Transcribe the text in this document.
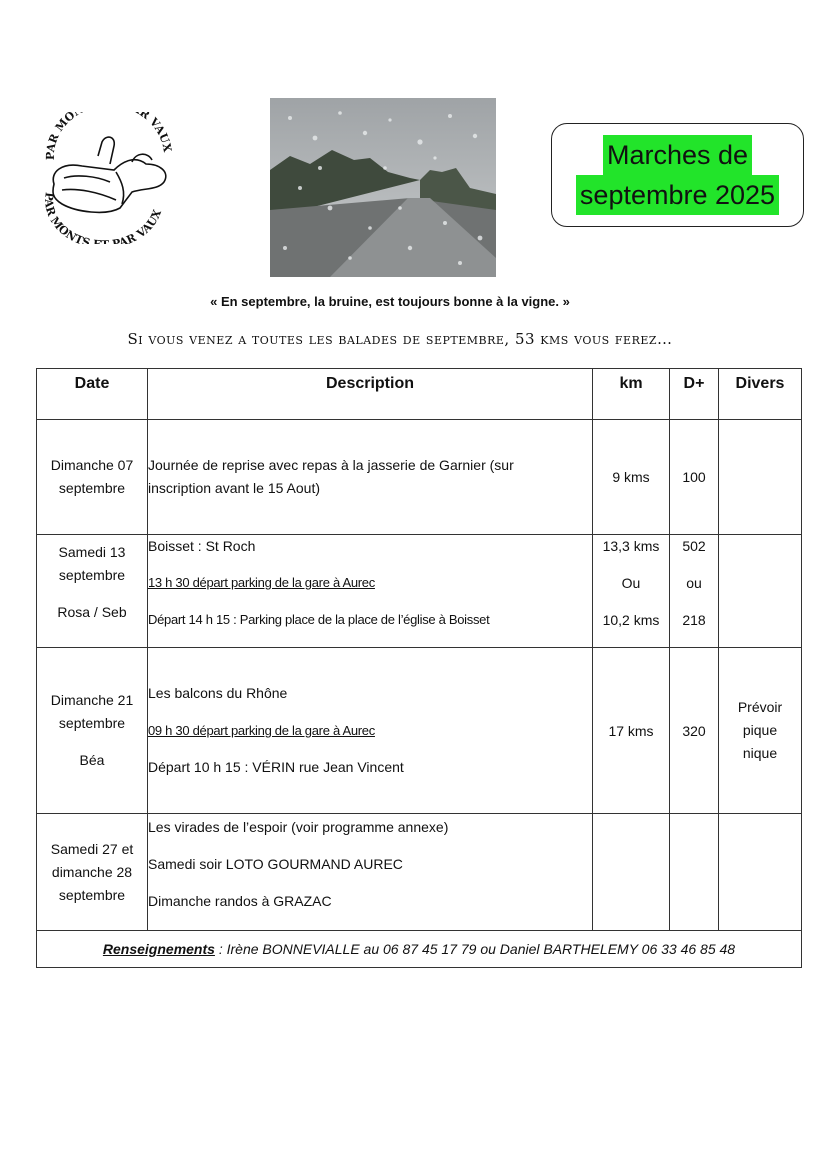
PAR MO R VAUX
PAR MONTS PAR VAUX
Marches de
septembre 2025
« En septembre, la bruine, est toujours bonne à la vigne. »
Si vous venez a toutes les balades de septembre, 53 kms vous ferez…
Date	Description	km	D+	Divers

Dimanche 07
septembre	Journée de reprise avec repas à la jasserie de Garnier (sur
inscription avant le 15 Aout)	9 kms	100	

Samedi 13
septembre
Rosa / Seb	Boisset : St Roch
13 h 30 départ parking de la gare à Aurec
Départ 14 h 15 : Parking place de la place de l’église à Boisset	13,3 kms
Ou
10,2 kms	502
ou
218	

Dimanche 21
septembre
Béa	Les balcons du Rhône
09 h 30 départ parking de la gare à Aurec
Départ 10 h 15 : VÉRIN rue Jean Vincent	17 kms	320	Prévoir
pique
nique

Samedi 27 et
dimanche 28
septembre	Les virades de l’espoir (voir programme annexe)
Samedi soir LOTO GOURMAND AUREC
Dimanche randos à GRAZAC			

Renseignements : Irène BONNEVIALLE au 06 87 45 17 79 ou Daniel BARTHELEMY 06 33 46 85 48				
